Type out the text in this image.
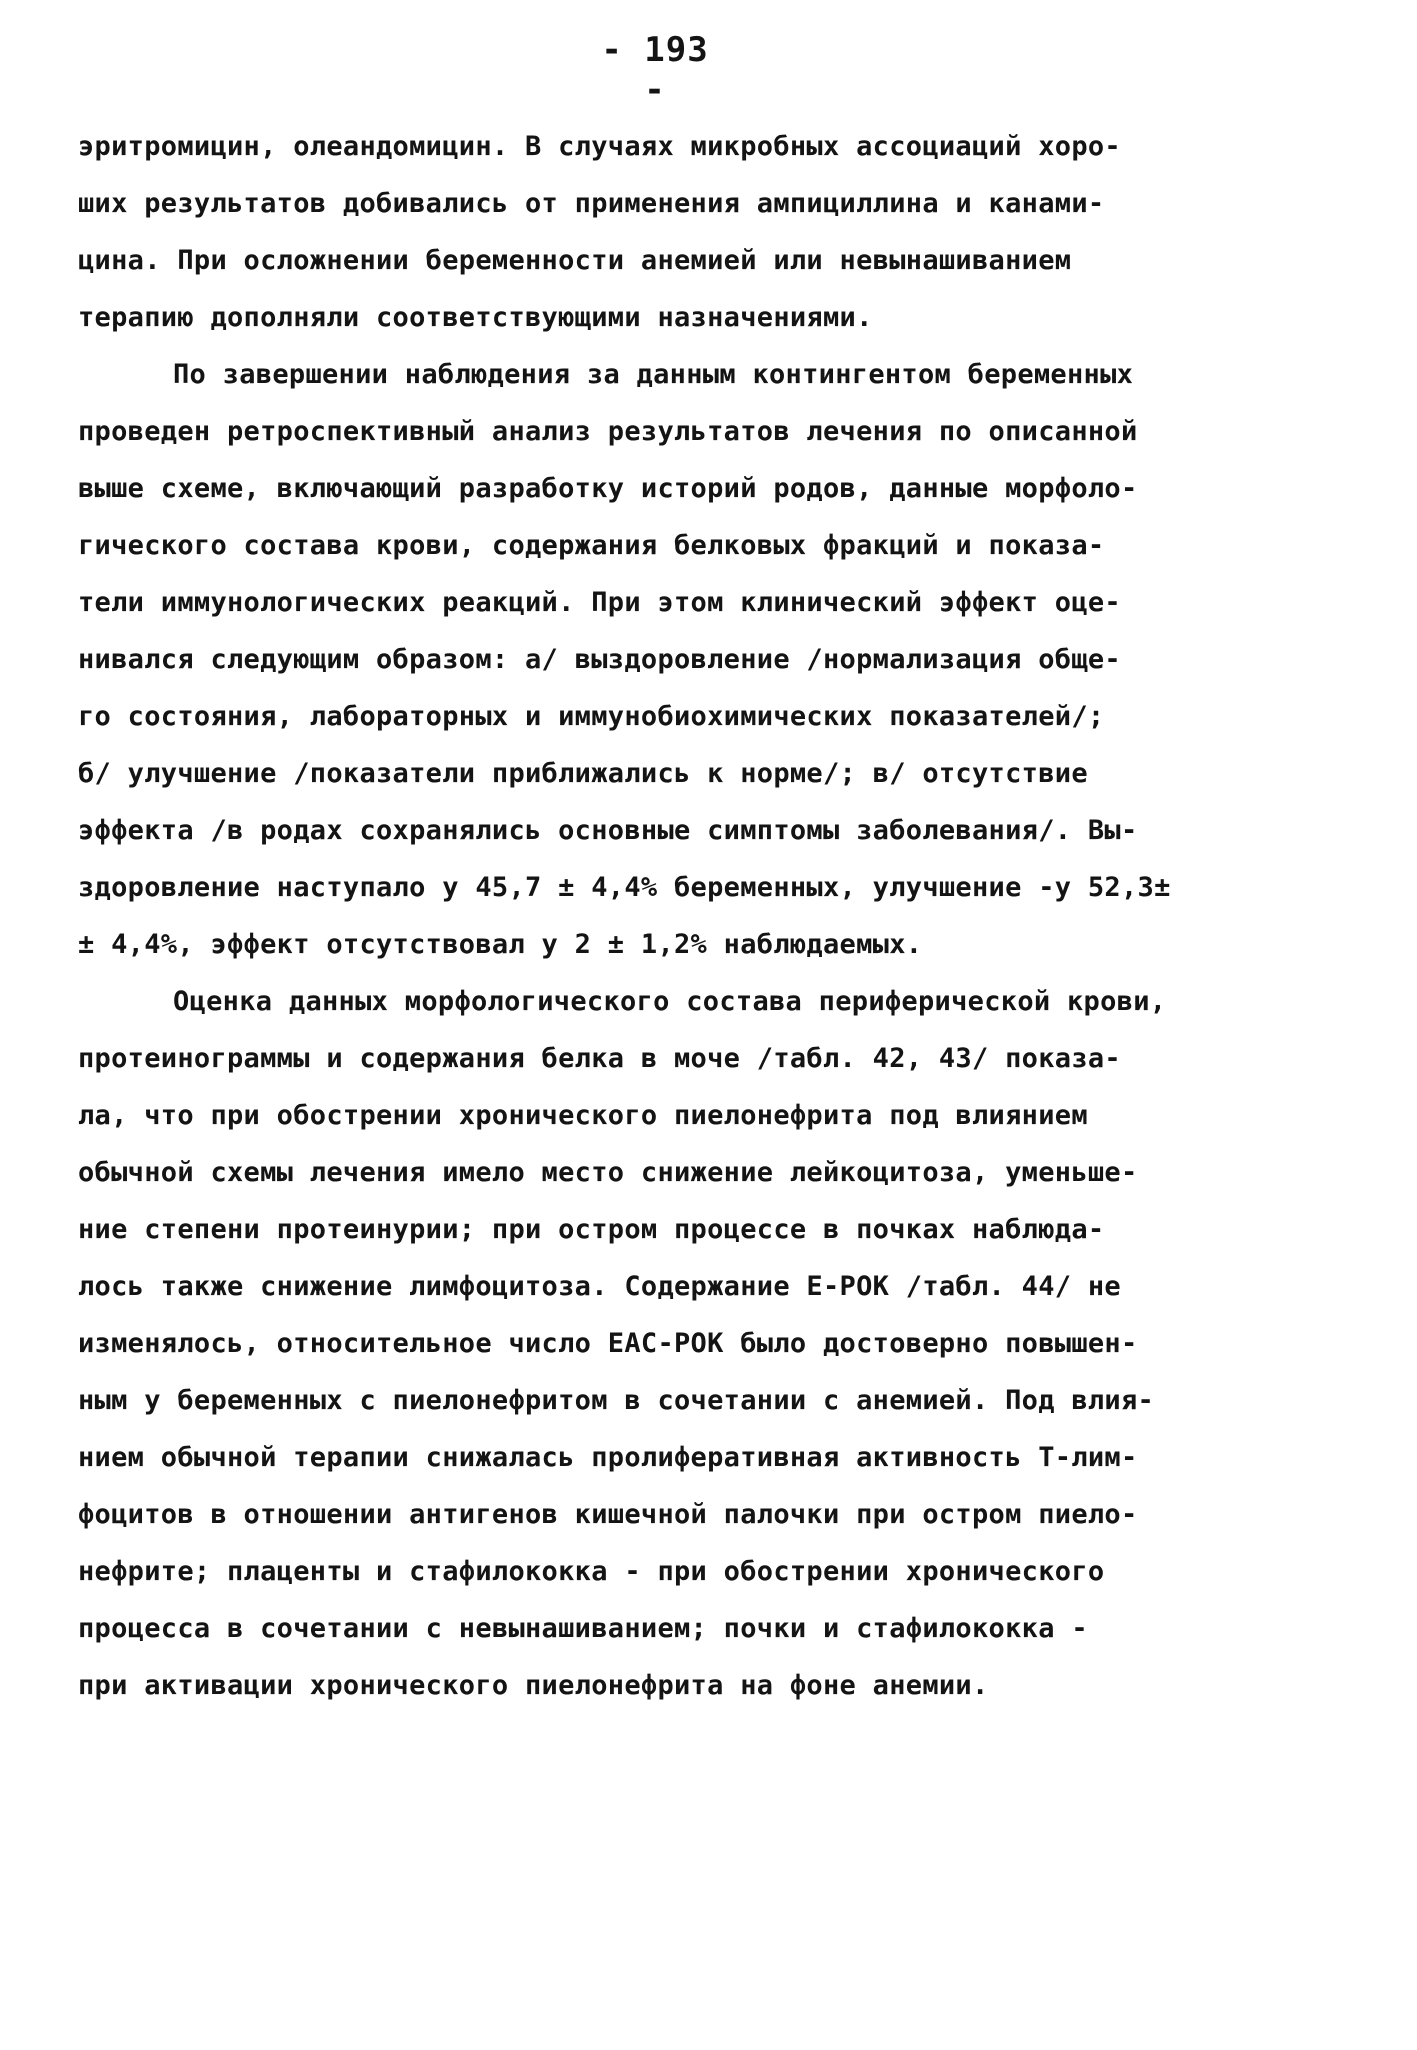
- 193 -
эритромицин, олеандомицин. В случаях микробных ассоциаций хоро-
ших результатов добивались от применения ампициллина и канами-
цина. При осложнении беременности анемией или невынашиванием
терапию дополняли соответствующими назначениями.
По завершении наблюдения за данным контингентом беременных
проведен ретроспективный анализ результатов лечения по описанной
выше схеме, включающий разработку историй родов, данные морфоло-
гического состава крови, содержания белковых фракций и показа-
тели иммунологических реакций. При этом клинический эффект оце-
нивался следующим образом: а/ выздоровление /нормализация обще-
го состояния, лабораторных и иммунобиохимических показателей/;
б/ улучшение /показатели приближались к норме/; в/ отсутствие
эффекта /в родах сохранялись основные симптомы заболевания/. Вы-
здоровление наступало у 45,7 ± 4,4% беременных, улучшение -у 52,3±
± 4,4%, эффект отсутствовал у 2 ± 1,2% наблюдаемых.
Оценка данных морфологического состава периферической крови,
протеинограммы и содержания белка в моче /табл. 42, 43/ показа-
ла, что при обострении хронического пиелонефрита под влиянием
обычной схемы лечения имело место снижение лейкоцитоза, уменьше-
ние степени протеинурии; при остром процессе в почках наблюда-
лось также снижение лимфоцитоза. Содержание Е-РОК /табл. 44/ не
изменялось, относительное число ЕАС-РОК было достоверно повышен-
ным у беременных с пиелонефритом в сочетании с анемией. Под влия-
нием обычной терапии снижалась пролиферативная активность Т-лим-
фоцитов в отношении антигенов кишечной палочки при остром пиело-
нефрите; плаценты и стафилококка - при обострении хронического
процесса в сочетании с невынашиванием; почки и стафилококка -
при активации хронического пиелонефрита на фоне анемии.
